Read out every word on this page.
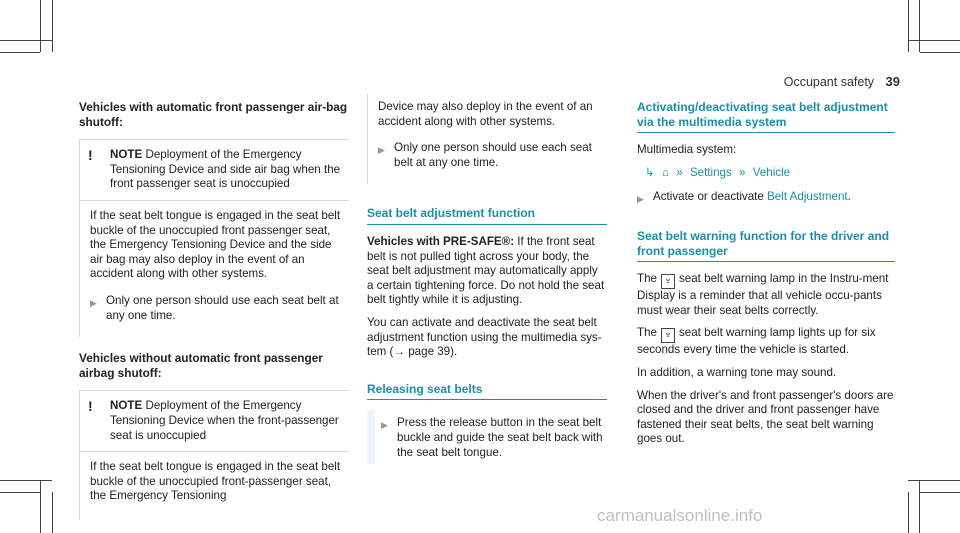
Occupant safety 39
Vehicles with automatic front passenger air-bag shutoff:
!	NOTE Deployment of the Emergency Tensioning Device and side air bag when the front passenger seat is unoccupied

If the seat belt tongue is engaged in the seat belt buckle of the unoccupied front passenger seat, the Emergency Tensioning Device and the side air bag may also deploy in the event of an accident along with other systems.

▶ Only one person should use each seat belt at any one time.
Vehicles without automatic front passenger airbag shutoff:
!	NOTE Deployment of the Emergency Tensioning Device when the front-passenger seat is unoccupied

If the seat belt tongue is engaged in the seat belt buckle of the unoccupied front-passenger seat, the Emergency Tensioning

Device may also deploy in the event of an accident along with other systems.

▶ Only one person should use each seat belt at any one time.
Seat belt adjustment function

Vehicles with PRE-SAFE®: If the front seat belt is not pulled tight across your body, the seat belt adjustment may automatically apply a certain tightening force. Do not hold the seat belt tightly while it is adjusting.

You can activate and deactivate the seat belt adjustment function using the multimedia sys-tem (→ page 39).

Releasing seat belts
▶ Press the release button in the seat belt buckle and guide the seat belt back with the seat belt tongue.
Activating/deactivating seat belt adjustment via the multimedia system

Multimedia system:

↳ ⌂ » Settings » Vehicle
▶ Activate or deactivate Belt Adjustment.
Seat belt warning function for the driver and front passenger

The ♆ seat belt warning lamp in the Instru-ment Display is a reminder that all vehicle occu-pants must wear their seat belts correctly.

The ♆ seat belt warning lamp lights up for six seconds every time the vehicle is started.

In addition, a warning tone may sound.

When the driver's and front passenger's doors are closed and the driver and front passenger have fastened their seat belts, the seat belt warning goes out.

carmanualsonline.info
